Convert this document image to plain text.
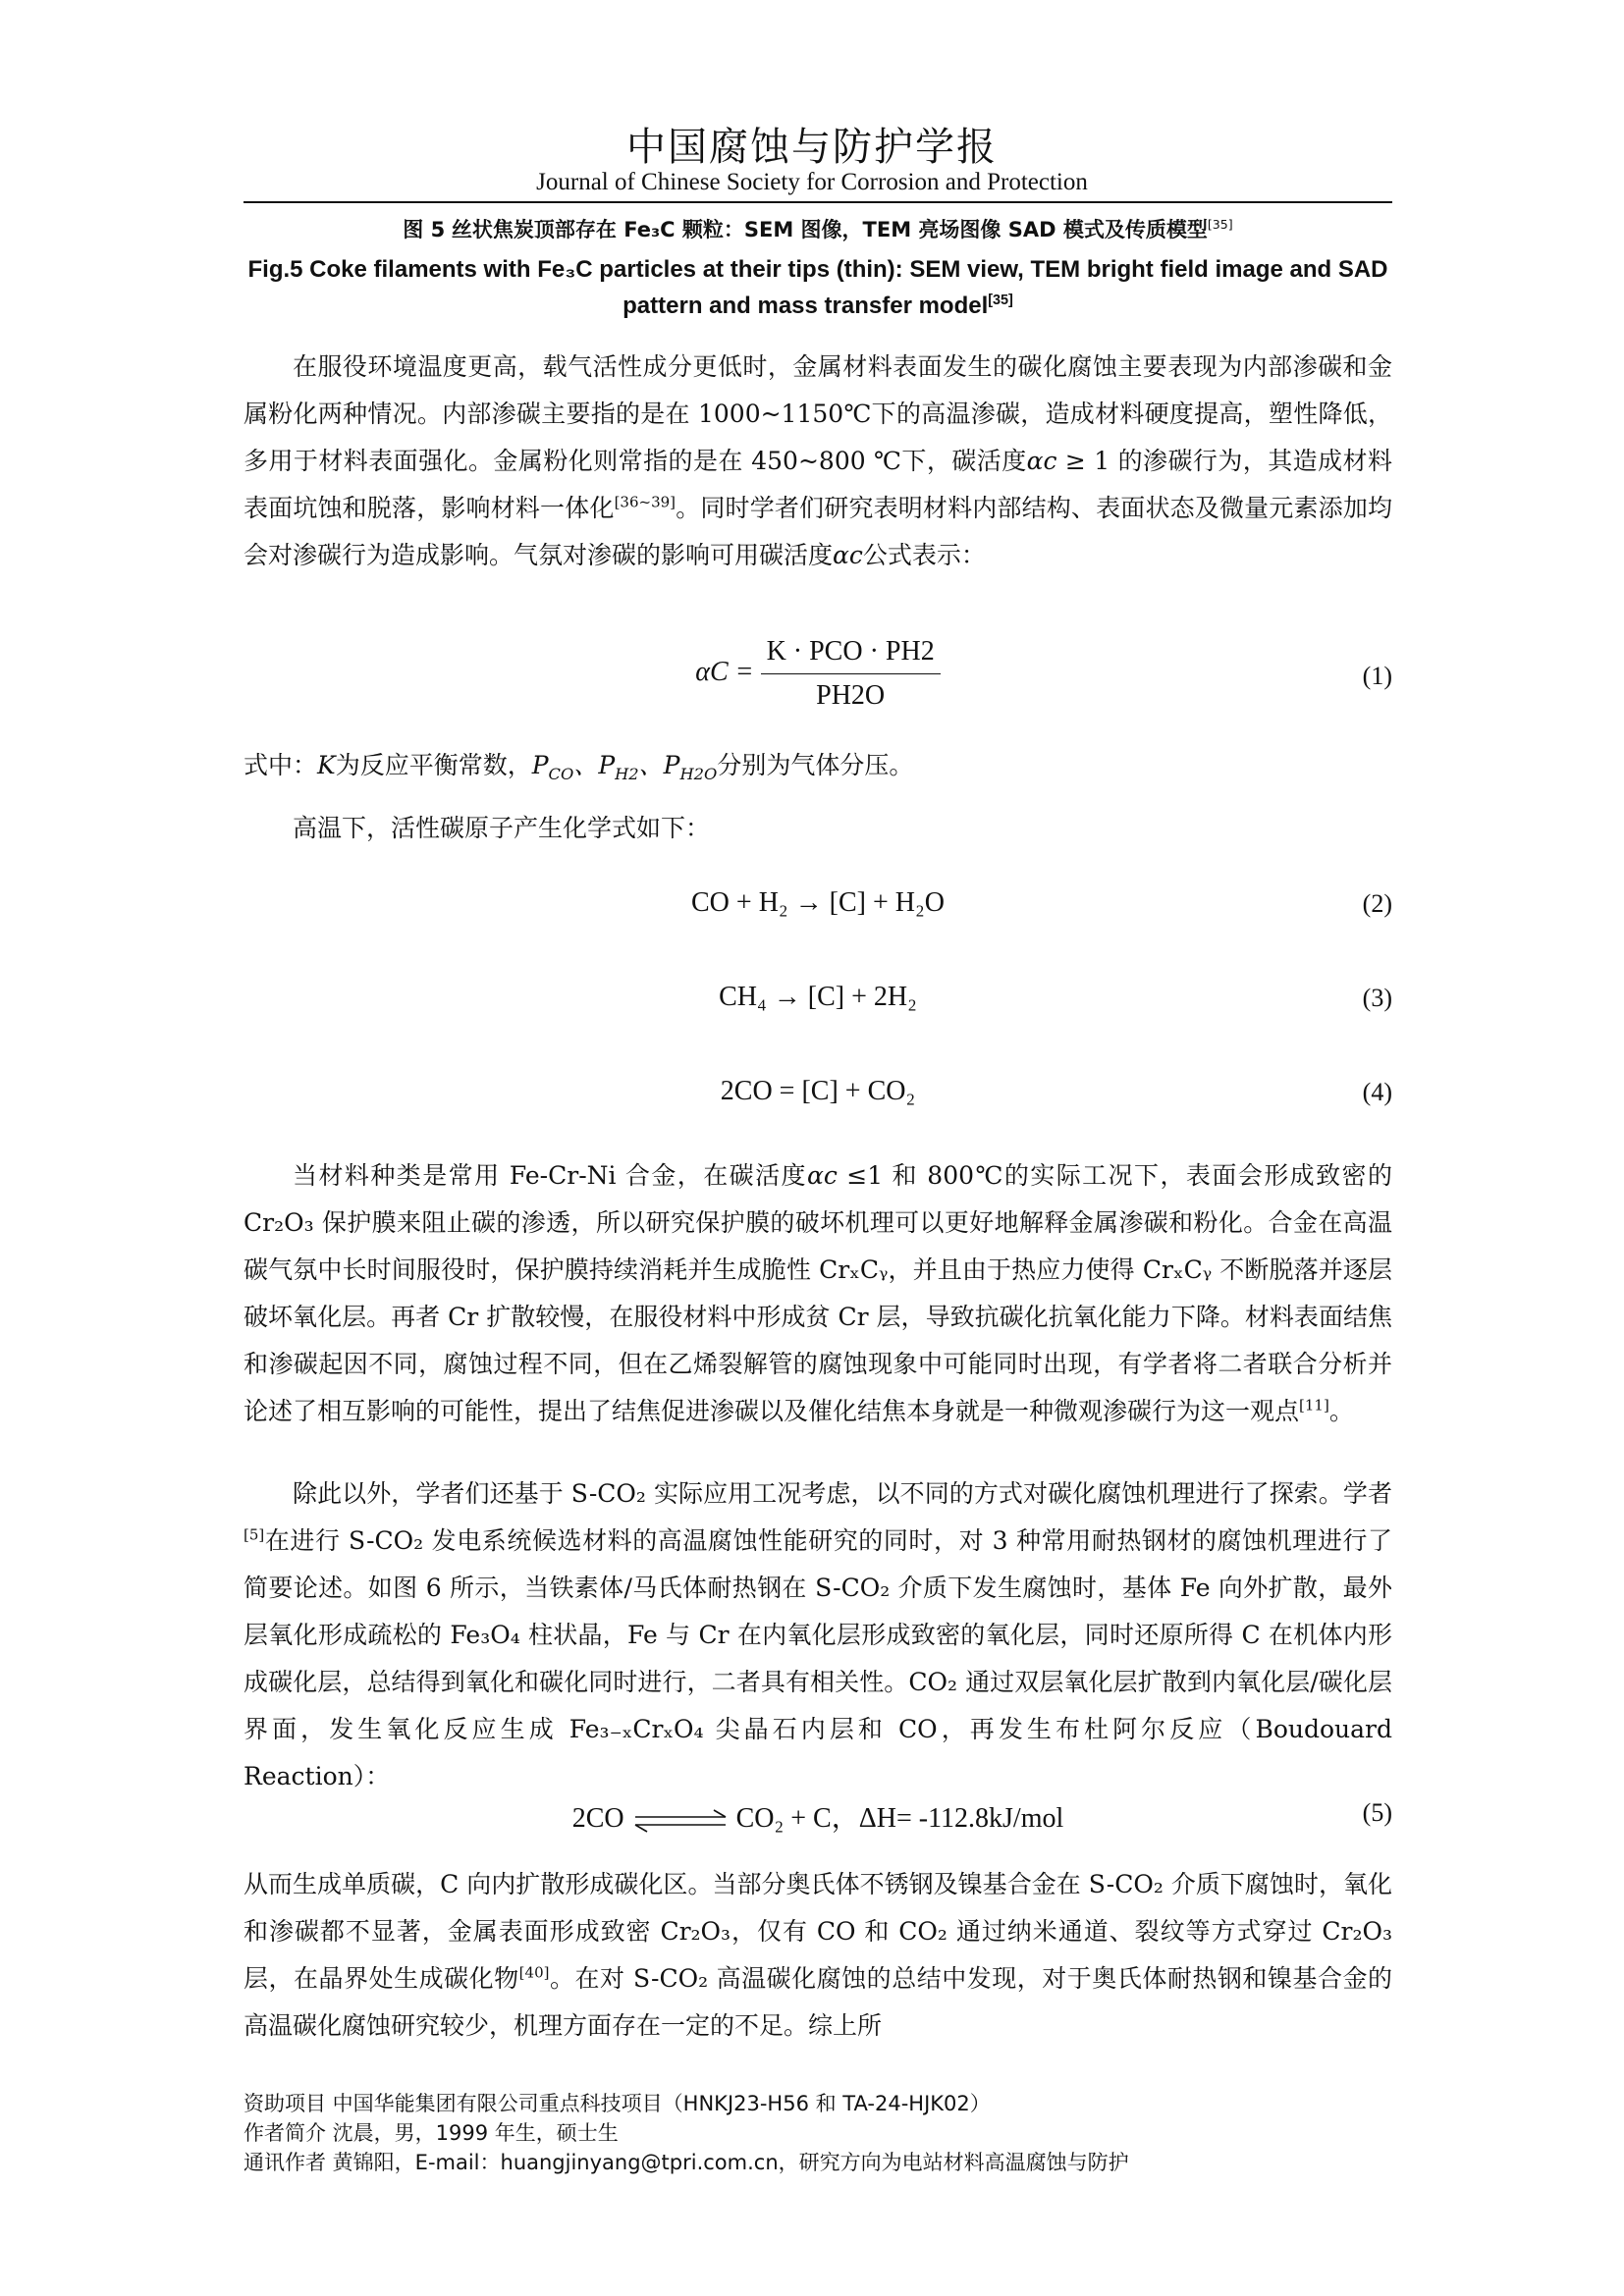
中国腐蚀与防护学报
Journal of Chinese Society for Corrosion and Protection
图 5 丝状焦炭顶部存在 Fe₃C 颗粒：SEM 图像，TEM 亮场图像 SAD 模式及传质模型[35]
Fig.5 Coke filaments with Fe₃C particles at their tips (thin): SEM view, TEM bright field image and SAD pattern and mass transfer model[35]

在服役环境温度更高，载气活性成分更低时，金属材料表面发生的碳化腐蚀主要表现为内部渗碳和金属粉化两种情况。内部渗碳主要指的是在 1000~1150℃下的高温渗碳，造成材料硬度提高，塑性降低，多用于材料表面强化。金属粉化则常指的是在 450~800 ℃下，碳活度αc ≥ 1 的渗碳行为，其造成材料表面坑蚀和脱落，影响材料一体化[36~39]。同时学者们研究表明材料内部结构、表面状态及微量元素添加均会对渗碳行为造成影响。气氛对渗碳的影响可用碳活度αc公式表示：

$\alpha C = \frac{\text{K · PCO · PH2}}{PH2O}$	(1)

式中：K为反应平衡常数，$P_{CO}$、$P_{H2}$、$P_{H2O}$分别为气体分压。

高温下，活性碳原子产生化学式如下：

CO + H₂ → [C] + H₂O	(2)
CH₄ → [C] + 2H₂	(3)
2CO = [C] + CO₂	(4)

当材料种类是常用 Fe-Cr-Ni 合金，在碳活度αc ≤1 和 800℃的实际工况下，表面会形成致密的 Cr₂O₃ 保护膜来阻止碳的渗透，所以研究保护膜的破坏机理可以更好地解释金属渗碳和粉化。合金在高温碳气氛中长时间服役时，保护膜持续消耗并生成脆性 CrₓCᵧ，并且由于热应力使得 CrₓCᵧ 不断脱落并逐层破坏氧化层。再者 Cr 扩散较慢，在服役材料中形成贫 Cr 层，导致抗碳化抗氧化能力下降。材料表面结焦和渗碳起因不同，腐蚀过程不同，但在乙烯裂解管的腐蚀现象中可能同时出现，有学者将二者联合分析并论述了相互影响的可能性，提出了结焦促进渗碳以及催化结焦本身就是一种微观渗碳行为这一观点[11]。

除此以外，学者们还基于 S-CO₂ 实际应用工况考虑，以不同的方式对碳化腐蚀机理进行了探索。学者[5]在进行 S-CO₂ 发电系统候选材料的高温腐蚀性能研究的同时，对 3 种常用耐热钢材的腐蚀机理进行了简要论述。如图 6 所示，当铁素体/马氏体耐热钢在 S-CO₂ 介质下发生腐蚀时，基体 Fe 向外扩散，最外层氧化形成疏松的 Fe₃O₄ 柱状晶，Fe 与 Cr 在内氧化层形成致密的氧化层，同时还原所得 C 在机体内形成碳化层，总结得到氧化和碳化同时进行，二者具有相关性。CO₂ 通过双层氧化层扩散到内氧化层/碳化层界面，发生氧化反应生成 Fe₃₋ₓCrₓO₄ 尖晶石内层和 CO，再发生布杜阿尔反应（Boudouard Reaction）：

2CO ⇌ CO₂ + C，ΔH= -112.8kJ/mol	(5)

从而生成单质碳，C 向内扩散形成碳化区。当部分奥氏体不锈钢及镍基合金在 S-CO₂ 介质下腐蚀时，氧化和渗碳都不显著，金属表面形成致密 Cr₂O₃，仅有 CO 和 CO₂ 通过纳米通道、裂纹等方式穿过 Cr₂O₃ 层，在晶界处生成碳化物[40]。在对 S-CO₂ 高温碳化腐蚀的总结中发现，对于奥氏体耐热钢和镍基合金的高温碳化腐蚀研究较少，机理方面存在一定的不足。综上所

资助项目 中国华能集团有限公司重点科技项目（HNKJ23-H56 和 TA-24-HJK02）
作者简介 沈晨，男，1999 年生，硕士生
通讯作者 黄锦阳，E-mail：huangjinyang@tpri.com.cn，研究方向为电站材料高温腐蚀与防护
